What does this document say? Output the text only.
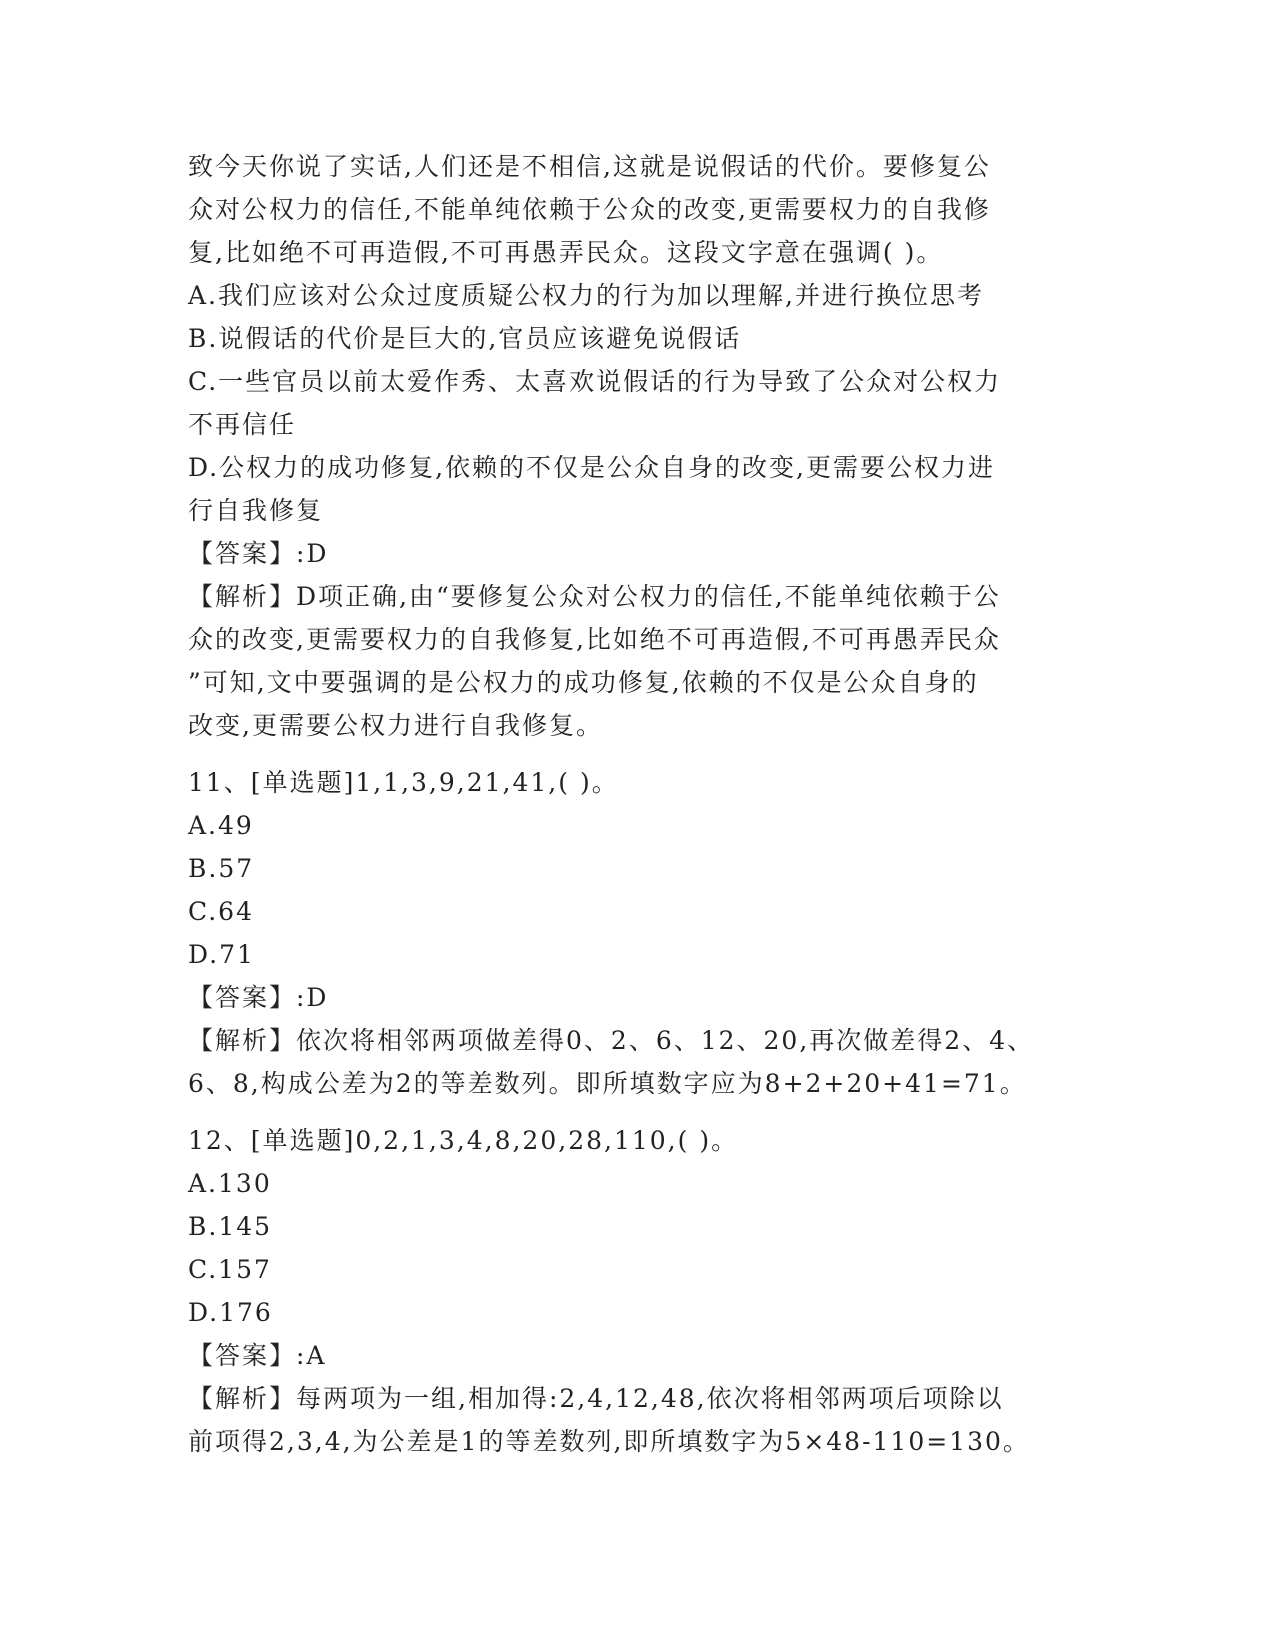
致今天你说了实话,人们还是不相信,这就是说假话的代价。要修复公
众对公权力的信任,不能单纯依赖于公众的改变,更需要权力的自我修
复,比如绝不可再造假,不可再愚弄民众。这段文字意在强调( )。
A.我们应该对公众过度质疑公权力的行为加以理解,并进行换位思考
B.说假话的代价是巨大的,官员应该避免说假话
C.一些官员以前太爱作秀、太喜欢说假话的行为导致了公众对公权力
不再信任
D.公权力的成功修复,依赖的不仅是公众自身的改变,更需要公权力进
行自我修复
【答案】:D
【解析】D项正确,由“要修复公众对公权力的信任,不能单纯依赖于公
众的改变,更需要权力的自我修复,比如绝不可再造假,不可再愚弄民众
”可知,文中要强调的是公权力的成功修复,依赖的不仅是公众自身的
改变,更需要公权力进行自我修复。
11、[单选题]1,1,3,9,21,41,( )。
A.49
B.57
C.64
D.71
【答案】:D
【解析】依次将相邻两项做差得0、2、6、12、20,再次做差得2、4、
6、8,构成公差为2的等差数列。即所填数字应为8+2+20+41=71。
12、[单选题]0,2,1,3,4,8,20,28,110,( )。
A.130
B.145
C.157
D.176
【答案】:A
【解析】每两项为一组,相加得:2,4,12,48,依次将相邻两项后项除以
前项得2,3,4,为公差是1的等差数列,即所填数字为5×48-110=130。
